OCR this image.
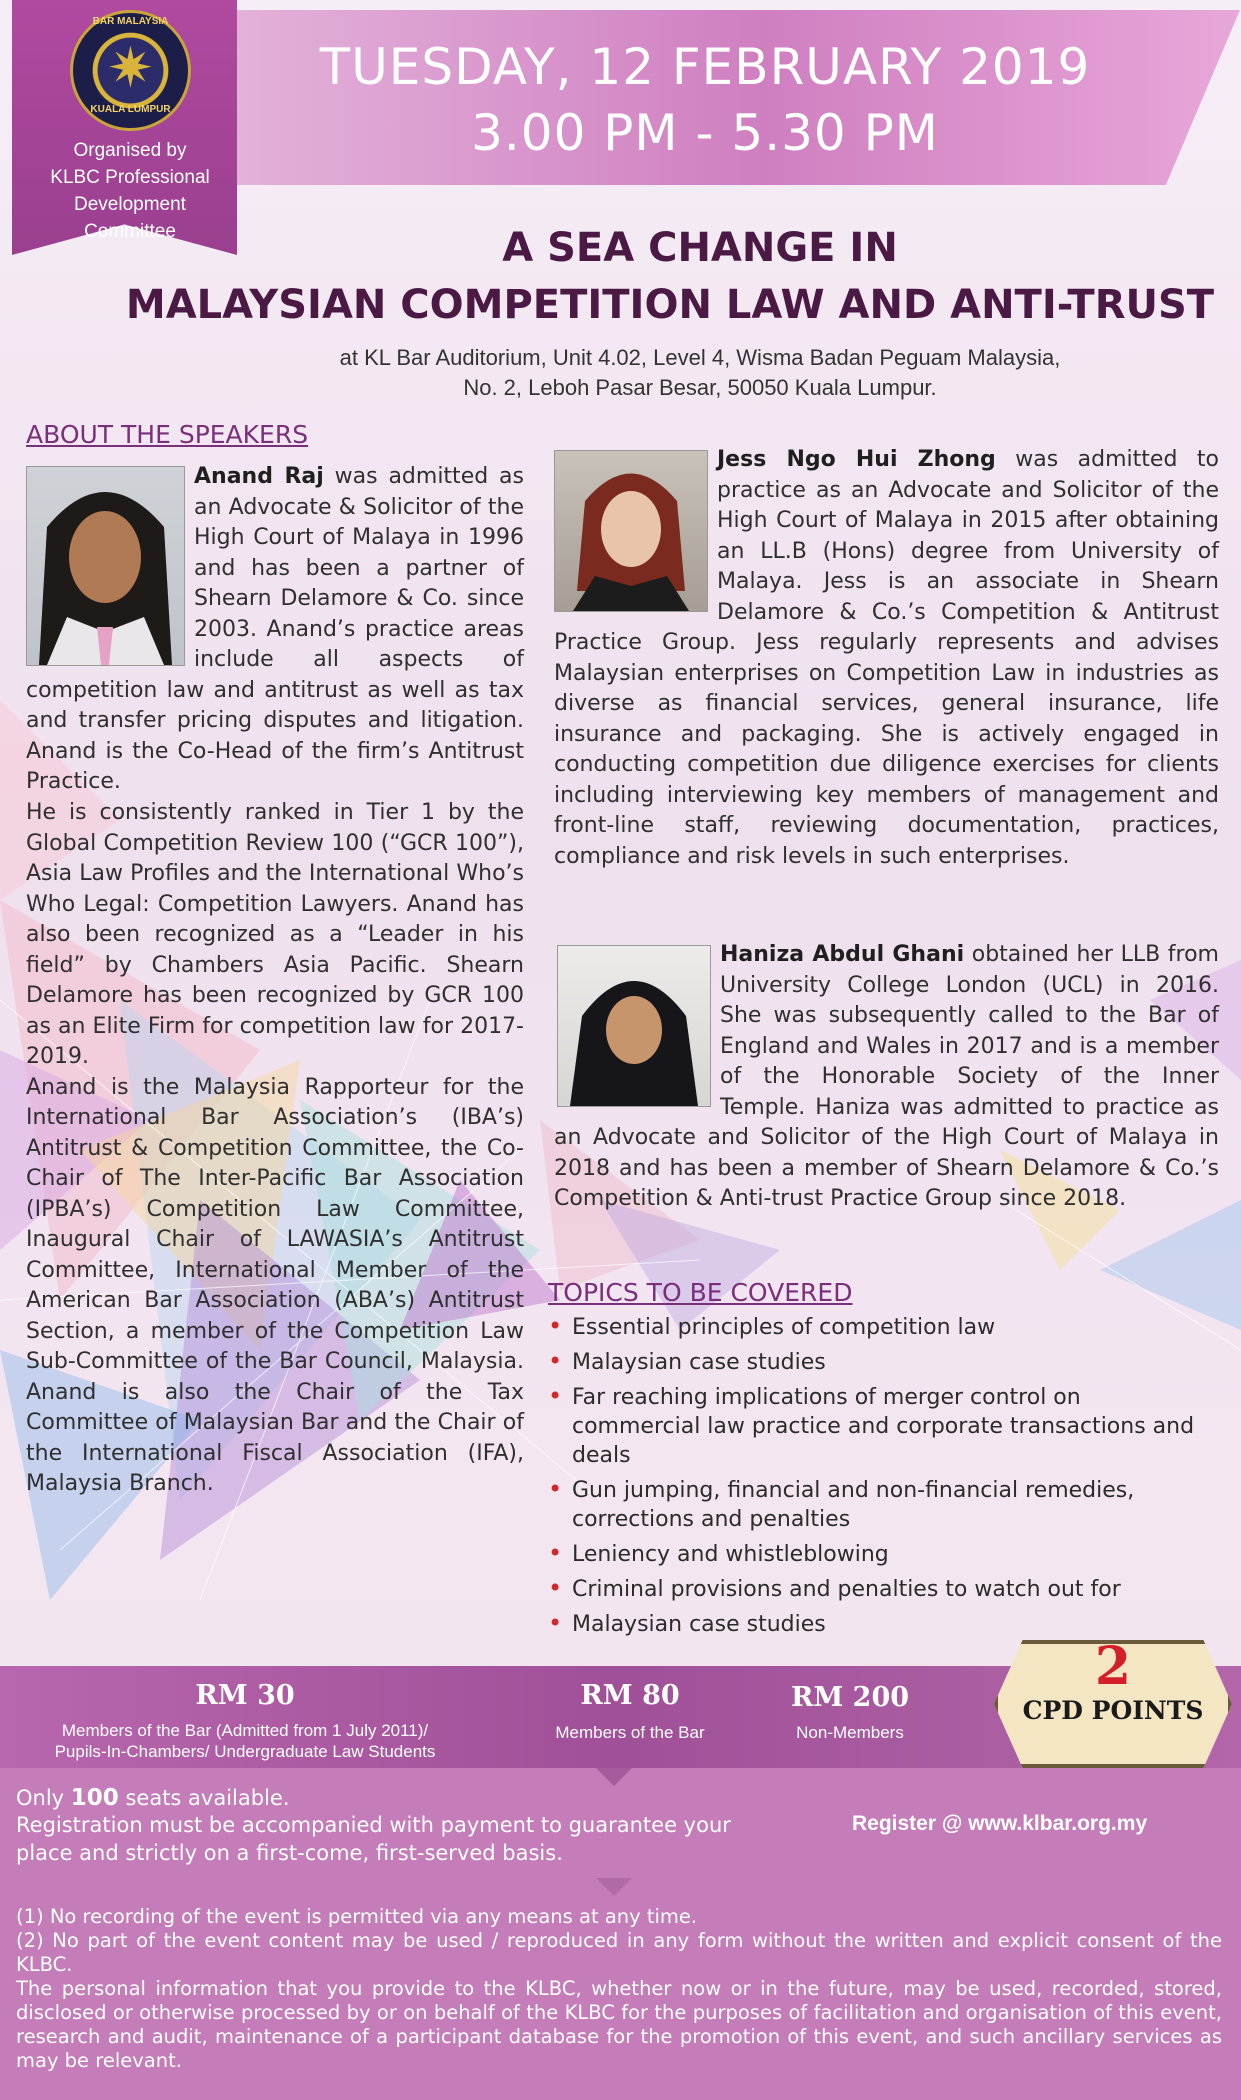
TUESDAY, 12 FEBRUARY 2019
3.00 PM - 5.30 PM
✷
BAR MALAYSIA
KUALA LUMPUR
Organised by
KLBC Professional
Development
Committee	A SEA CHANGE IN
MALAYSIAN COMPETITION LAW AND ANTI-TRUST
at KL Bar Auditorium, Unit 4.02, Level 4, Wisma Badan Peguam Malaysia,
No. 2, Leboh Pasar Besar, 50050 Kuala Lumpur.
ABOUT THE SPEAKERS
Anand Raj was admitted as an Advocate & Solicitor of the High Court of Malaya in 1996 and has been a partner of Shearn Delamore & Co. since 2003. Anand’s practice areas include all aspects of competition law and antitrust as well as tax and transfer pricing disputes and litigation. Anand is the Co-Head of the firm’s Antitrust Practice.
He is consistently ranked in Tier 1 by the Global Competition Review 100 (“GCR 100”), Asia Law Profiles and the International Who’s Who Legal: Competition Lawyers. Anand has also been recognized as a “Leader in his field” by Chambers Asia Pacific. Shearn Delamore has been recognized by GCR 100 as an Elite Firm for competition law for 2017-2019.
Anand is the Malaysia Rapporteur for the International Bar Association’s (IBA’s) Antitrust & Competition Committee, the Co-Chair of The Inter-Pacific Bar Association (IPBA’s) Competition Law Committee, Inaugural Chair of LAWASIA’s Antitrust Committee, International Member of the American Bar Association (ABA’s) Antitrust Section, a member of the Competition Law Sub-Committee of the Bar Council, Malaysia. Anand is also the Chair of the Tax Committee of Malaysian Bar and the Chair of the International Fiscal Association (IFA), Malaysia Branch.
Jess Ngo Hui Zhong was admitted to practice as an Advocate and Solicitor of the High Court of Malaya in 2015 after obtaining an LL.B (Hons) degree from University of Malaya. Jess is an associate in Shearn Delamore & Co.’s Competition & Antitrust Practice Group. Jess regularly represents and advises Malaysian enterprises on Competition Law in industries as diverse as financial services, general insurance, life insurance and packaging. She is actively engaged in conducting competition due diligence exercises for clients including interviewing key members of management and front-line staff, reviewing documentation, practices, compliance and risk levels in such enterprises.
Haniza Abdul Ghani obtained her LLB from University College London (UCL) in 2016. She was subsequently called to the Bar of England and Wales in 2017 and is a member of the Honorable Society of the Inner Temple. Haniza was admitted to practice as an Advocate and Solicitor of the High Court of Malaya in 2018 and has been a member of Shearn Delamore & Co.’s Competition & Anti-trust Practice Group since 2018.
TOPICS TO BE COVERED
• Essential principles of competition law
• Malaysian case studies
• Far reaching implications of merger control on commercial law practice and corporate transactions and deals
• Gun jumping, financial and non-financial remedies, corrections and penalties
• Leniency and whistleblowing
• Criminal provisions and penalties to watch out for
• Malaysian case studies
RM 30
Members of the Bar (Admitted from 1 July 2011)/
Pupils-In-Chambers/ Undergraduate Law Students
RM 80
Members of the Bar
RM 200
Non-Members
2
CPD POINTS
Only 100 seats available.
Registration must be accompanied with payment to guarantee your
place and strictly on a first-come, first-served basis.
Register @ www.klbar.org.my
(1) No recording of the event is permitted via any means at any time.
(2) No part of the event content may be used / reproduced in any form without the written and explicit consent of the KLBC.
The personal information that you provide to the KLBC, whether now or in the future, may be used, recorded, stored, disclosed or otherwise processed by or on behalf of the KLBC for the purposes of facilitation and organisation of this event, research and audit, maintenance of a participant database for the promotion of this event, and such ancillary services as may be relevant.
